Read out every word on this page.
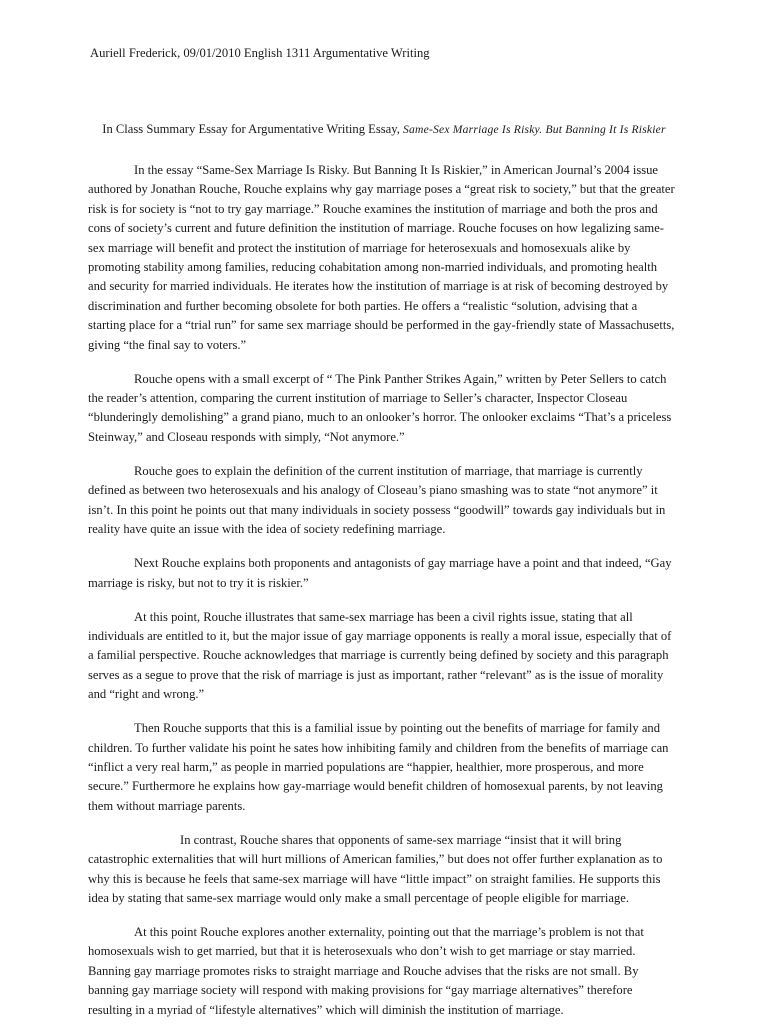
Auriell Frederick, 09/01/2010 English 1311 Argumentative Writing
In Class Summary Essay for Argumentative Writing Essay, Same-Sex Marriage Is Risky. But Banning It Is Riskier

In the essay “Same-Sex Marriage Is Risky. But Banning It Is Riskier,” in American Journal’s 2004 issue authored by Jonathan Rouche, Rouche explains why gay marriage poses a “great risk to society,” but that the greater risk is for society is “not to try gay marriage.” Rouche examines the institution of marriage and both the pros and cons of society’s current and future definition the institution of marriage. Rouche focuses on how legalizing same-sex marriage will benefit and protect the institution of marriage for heterosexuals and homosexuals alike by promoting stability among families, reducing cohabitation among non-married individuals, and promoting health and security for married individuals. He iterates how the institution of marriage is at risk of becoming destroyed by discrimination and further becoming obsolete for both parties. He offers a “realistic “solution, advising that a starting place for a “trial run” for same sex marriage should be performed in the gay-friendly state of Massachusetts, giving “the final say to voters.”

Rouche opens with a small excerpt of “ The Pink Panther Strikes Again,” written by Peter Sellers to catch the reader’s attention, comparing the current institution of marriage to Seller’s character, Inspector Closeau “blunderingly demolishing” a grand piano, much to an onlooker’s horror. The onlooker exclaims “That’s a priceless Steinway,” and Closeau responds with simply, “Not anymore.”

Rouche goes to explain the definition of the current institution of marriage, that marriage is currently defined as between two heterosexuals and his analogy of Closeau’s piano smashing was to state “not anymore” it isn’t. In this point he points out that many individuals in society possess “goodwill” towards gay individuals but in reality have quite an issue with the idea of society redefining marriage.

Next Rouche explains both proponents and antagonists of gay marriage have a point and that indeed, “Gay marriage is risky, but not to try it is riskier.”

At this point, Rouche illustrates that same-sex marriage has been a civil rights issue, stating that all individuals are entitled to it, but the major issue of gay marriage opponents is really a moral issue, especially that of a familial perspective. Rouche acknowledges that marriage is currently being defined by society and this paragraph serves as a segue to prove that the risk of marriage is just as important, rather “relevant” as is the issue of morality and “right and wrong.”

Then Rouche supports that this is a familial issue by pointing out the benefits of marriage for family and children. To further validate his point he sates how inhibiting family and children from the benefits of marriage can “inflict a very real harm,” as people in married populations are “happier, healthier, more prosperous, and more secure.” Furthermore he explains how gay-marriage would benefit children of homosexual parents, by not leaving them without marriage parents.

In contrast, Rouche shares that opponents of same-sex marriage “insist that it will bring catastrophic externalities that will hurt millions of American families,” but does not offer further explanation as to why this is because he feels that same-sex marriage will have “little impact” on straight families. He supports this idea by stating that same-sex marriage would only make a small percentage of people eligible for marriage.

At this point Rouche explores another externality, pointing out that the marriage’s problem is not that homosexuals wish to get married, but that it is heterosexuals who don’t wish to get marriage or stay married. Banning gay marriage promotes risks to straight marriage and Rouche advises that the risks are not small. By banning gay marriage society will respond with making provisions for “gay marriage alternatives” therefore resulting in a myriad of “lifestyle alternatives” which will diminish the institution of marriage.
